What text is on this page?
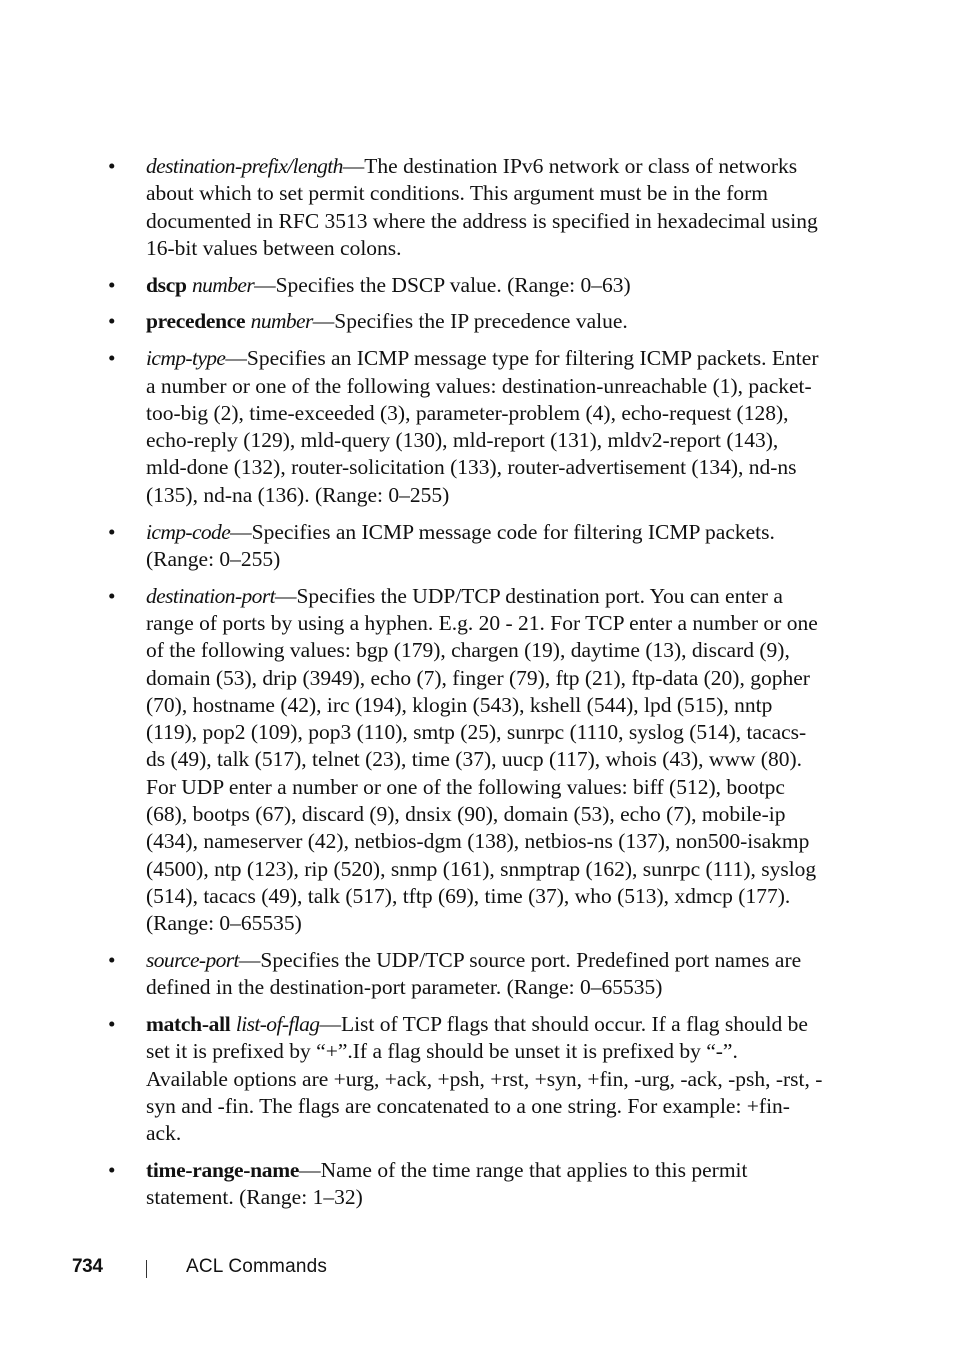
•	destination-prefix/length—The destination IPv6 network or class of networks about which to set permit conditions. This argument must be in the form documented in RFC 3513 where the address is specified in hexadecimal using 16-bit values between colons.
•	dscp number—Specifies the DSCP value. (Range: 0–63)
•	precedence number—Specifies the IP precedence value.
•	icmp-type—Specifies an ICMP message type for filtering ICMP packets. Enter a number or one of the following values: destination-unreachable (1), packet-too-big (2), time-exceeded (3), parameter-problem (4), echo-request (128), echo-reply (129), mld-query (130), mld-report (131), mldv2-report (143), mld-done (132), router-solicitation (133), router-advertisement (134), nd-ns (135), nd-na (136). (Range: 0–255)
•	icmp-code—Specifies an ICMP message code for filtering ICMP packets. (Range: 0–255)
•	destination-port—Specifies the UDP/TCP destination port. You can enter a range of ports by using a hyphen. E.g. 20 - 21. For TCP enter a number or one of the following values: bgp (179), chargen (19), daytime (13), discard (9), domain (53), drip (3949), echo (7), finger (79), ftp (21), ftp-data (20), gopher (70), hostname (42), irc (194), klogin (543), kshell (544), lpd (515), nntp (119), pop2 (109), pop3 (110), smtp (25), sunrpc (1110, syslog (514), tacacs-ds (49), talk (517), telnet (23), time (37), uucp (117), whois (43), www (80). For UDP enter a number or one of the following values: biff (512), bootpc (68), bootps (67), discard (9), dnsix (90), domain (53), echo (7), mobile-ip (434), nameserver (42), netbios-dgm (138), netbios-ns (137), non500-isakmp (4500), ntp (123), rip (520), snmp (161), snmptrap (162), sunrpc (111), syslog (514), tacacs (49), talk (517), tftp (69), time (37), who (513), xdmcp (177). (Range: 0–65535)
•	source-port—Specifies the UDP/TCP source port. Predefined port names are defined in the destination-port parameter. (Range: 0–65535)
•	match-all list-of-flag—List of TCP flags that should occur. If a flag should be set it is prefixed by “+”.If a flag should be unset it is prefixed by “-”. Available options are +urg, +ack, +psh, +rst, +syn, +fin, -urg, -ack, -psh, -rst, -syn and -fin. The flags are concatenated to a one string. For example: +fin-ack.
•	time-range-name—Name of the time range that applies to this permit statement. (Range: 1–32)
734	ACL Commands
